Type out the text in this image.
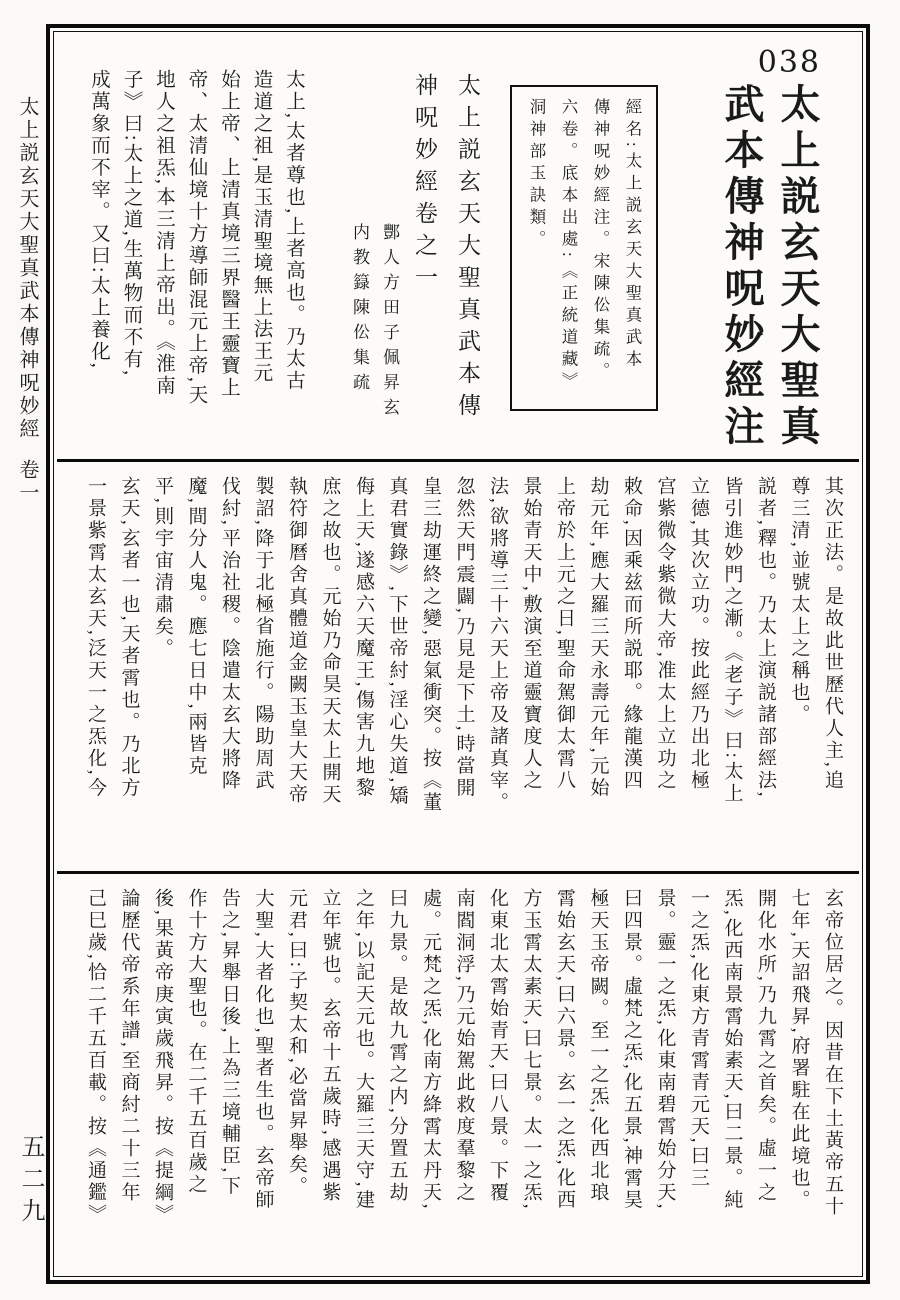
太上説玄天大聖真武本傳神呪妙經卷一
五二九
038

太上説玄天大聖真

武本傳神呪妙經注

經名:太上説玄天大聖真武本

傳神呪妙經注。宋陳伀集疏。

六卷。底本出處:《正統道藏》

洞神部玉訣類。

太上説玄天大聖真武本傳

神呪妙經卷之一

酆人方田子佩昇玄

内教籙陳伀集疏

太上,太者尊也,上者高也。乃太古

造道之祖,是玉清聖境無上法王元

始上帝、上清真境三界醫王靈寶上

帝、太清仙境十方導師混元上帝,天

地人之祖炁,本三清上帝出。《淮南

子》曰:太上之道,生萬物而不有,

成萬象而不宰。又曰:太上養化,

其次正法。是故此世歷代人主,追

尊三清,並號太上之稱也。

説者,釋也。乃太上演説諸部經法,

皆引進妙門之漸。《老子》曰:太上

立德,其次立功。按此經乃出北極

宫紫微令紫微大帝,准太上立功之

敕命,因乘兹而所説耶。緣龍漢四

劫元年,應大羅三天永壽元年,元始

上帝於上元之日,聖命駕御太霄八

景始青天中,敷演至道靈寶度人之

法,欲將導三十六天上帝及諸真宰。

忽然天門震闢,乃見是下土,時當開

皇三劫運終之變,惡氣衝突。按《董

真君實錄》,下世帝紂,淫心失道,矯

侮上天,遂感六天魔王,傷害九地黎

庶之故也。元始乃命昊天太上開天

執符御曆舍真體道金闕玉皇大天帝

製詔,降于北極省施行。陽助周武

伐紂,平治社稷。陰遣太玄大將降

魔,間分人鬼。應七日中,兩皆克

平,則宇宙清肅矣。

玄天,玄者一也,天者霄也。乃北方

一景紫霄太玄天,泛天一之炁化,今

玄帝位居之。因昔在下土黃帝五十

七年,天詔飛昇,府署駐在此境也。

開化水所,乃九霄之首矣。虛一之

炁,化西南景霄始素天,曰二景。純

一之炁,化東方青霄青元天,曰三

景。靈一之炁,化東南碧霄始分天,

曰四景。虛梵之炁,化五景,神霄昊

極天玉帝闕。至一之炁,化西北琅

霄始玄天,曰六景。玄一之炁,化西

方玉霄太素天,曰七景。太一之炁,

化東北太霄始青天,曰八景。下覆

南閻洞浮,乃元始駕此救度羣黎之

處。元梵之炁,化南方絳霄太丹天,

曰九景。是故九霄之内,分置五劫

之年,以記天元也。大羅三天守,建

立年號也。玄帝十五歲時,感遇紫

元君,曰:子契太和,必當昇舉矣。

大聖,大者化也,聖者生也。玄帝師

告之,昇舉日後,上為三境輔臣,下

作十方大聖也。在二千五百歲之

後,果黃帝庚寅歲飛昇。按《提綱》

論歷代帝系年譜,至商紂二十三年

己巳歲,恰二千五百載。按《通鑑》
